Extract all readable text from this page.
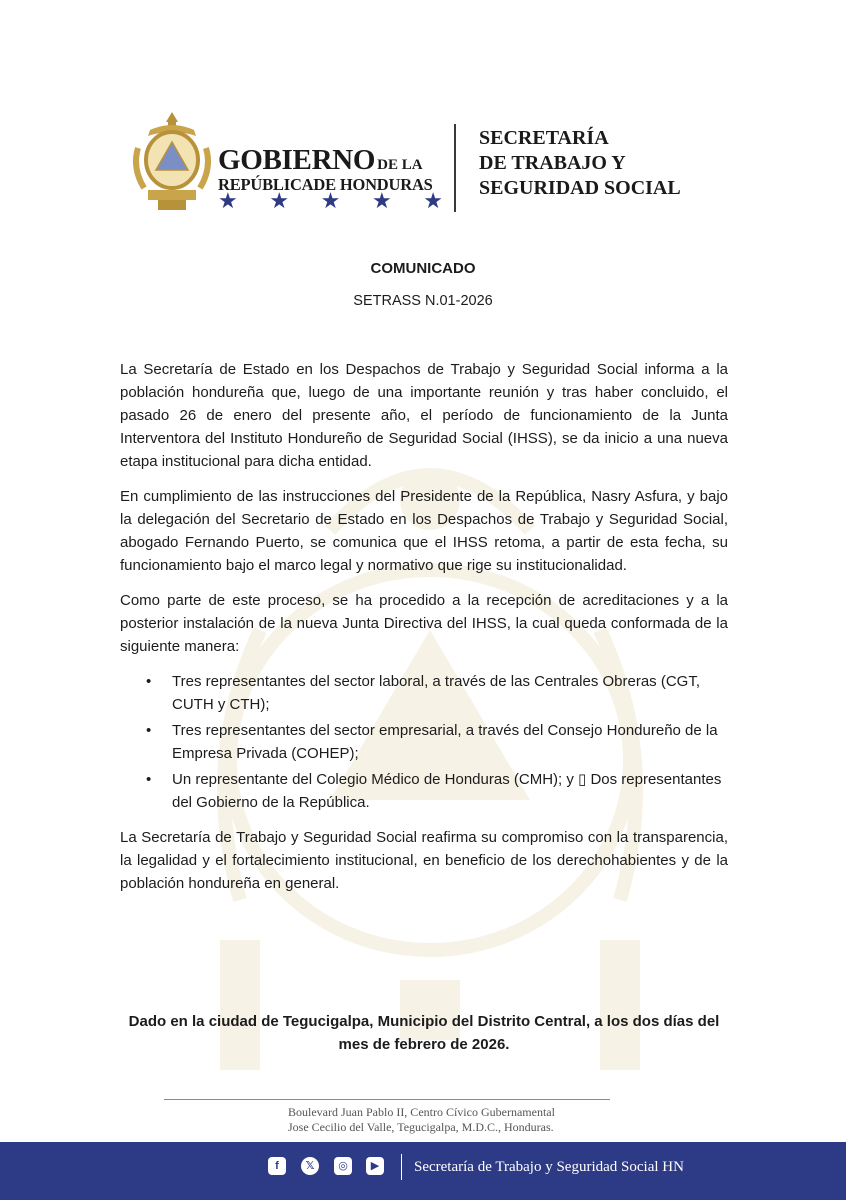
GOBIERNO DE LA
REPÚBLICADE HONDURAS
★ ★ ★ ★ ★
SECRETARÍA
DE TRABAJO Y
SEGURIDAD SOCIAL
COMUNICADO
SETRASS N.01-2026

La Secretaría de Estado en los Despachos de Trabajo y Seguridad Social informa a la población hondureña que, luego de una importante reunión y tras haber concluido, el pasado 26 de enero del presente año, el período de funcionamiento de la Junta Interventora del Instituto Hondureño de Seguridad Social (IHSS), se da inicio a una nueva etapa institucional para dicha entidad.

En cumplimiento de las instrucciones del Presidente de la República, Nasry Asfura, y bajo la delegación del Secretario de Estado en los Despachos de Trabajo y Seguridad Social, abogado Fernando Puerto, se comunica que el IHSS retoma, a partir de esta fecha, su funcionamiento bajo el marco legal y normativo que rige su institucionalidad.

Como parte de este proceso, se ha procedido a la recepción de acreditaciones y a la posterior instalación de la nueva Junta Directiva del IHSS, la cual queda conformada de la siguiente manera:

• Tres representantes del sector laboral, a través de las Centrales Obreras (CGT, CUTH y CTH);
• Tres representantes del sector empresarial, a través del Consejo Hondureño de la Empresa Privada (COHEP);
• Un representante del Colegio Médico de Honduras (CMH); y ▯ Dos representantes del Gobierno de la República.

La Secretaría de Trabajo y Seguridad Social reafirma su compromiso con la transparencia, la legalidad y el fortalecimiento institucional, en beneficio de los derechohabientes y de la población hondureña en general.

Dado en la ciudad de Tegucigalpa, Municipio del Distrito Central, a los dos días del mes de febrero de 2026.
Boulevard Juan Pablo II, Centro Cívico Gubernamental
Jose Cecilio del Valle, Tegucigalpa, M.D.C., Honduras.
f	𝕏	◎	▶	Secretaría de Trabajo y Seguridad Social HN
